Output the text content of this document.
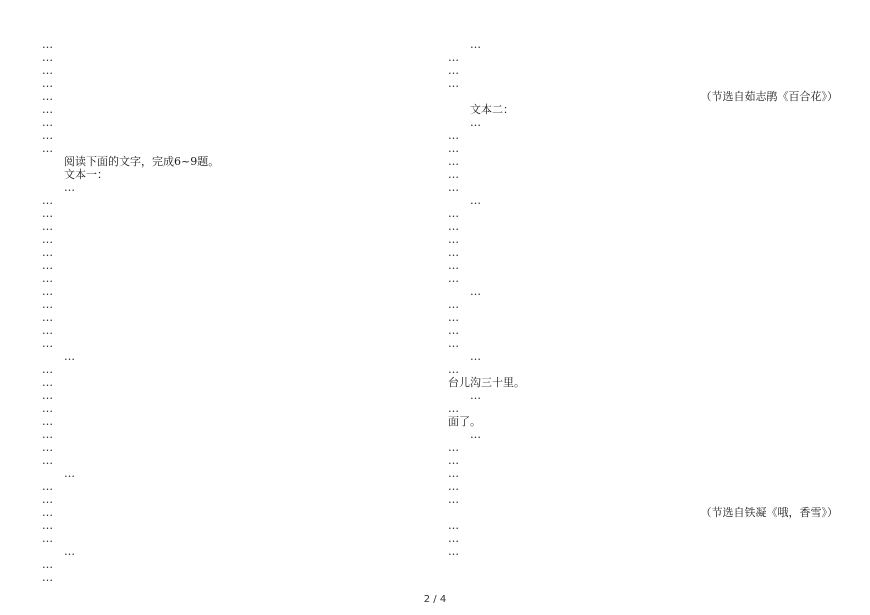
…
…
…
…
…
…
…
…
…
阅读下面的文字，完成6~9题。
文本一：
…
…
…
…
…
…
…
…
…
…
…
…
…
…
…
…
…
…
…
…
…
…
…
…
…
…
…
…
…
…
…
…
…
…
…
（节选自茹志鹃《百合花》）
文本二：
…
…
…
…
…
…
…
…
…
…
…
…
…
…
…
…
…
…
…
…
台儿沟三十里。
…
…
面了。
…
…
…
…
…
…
（节选自铁凝《哦，香雪》）
…
…
…
2 / 4
